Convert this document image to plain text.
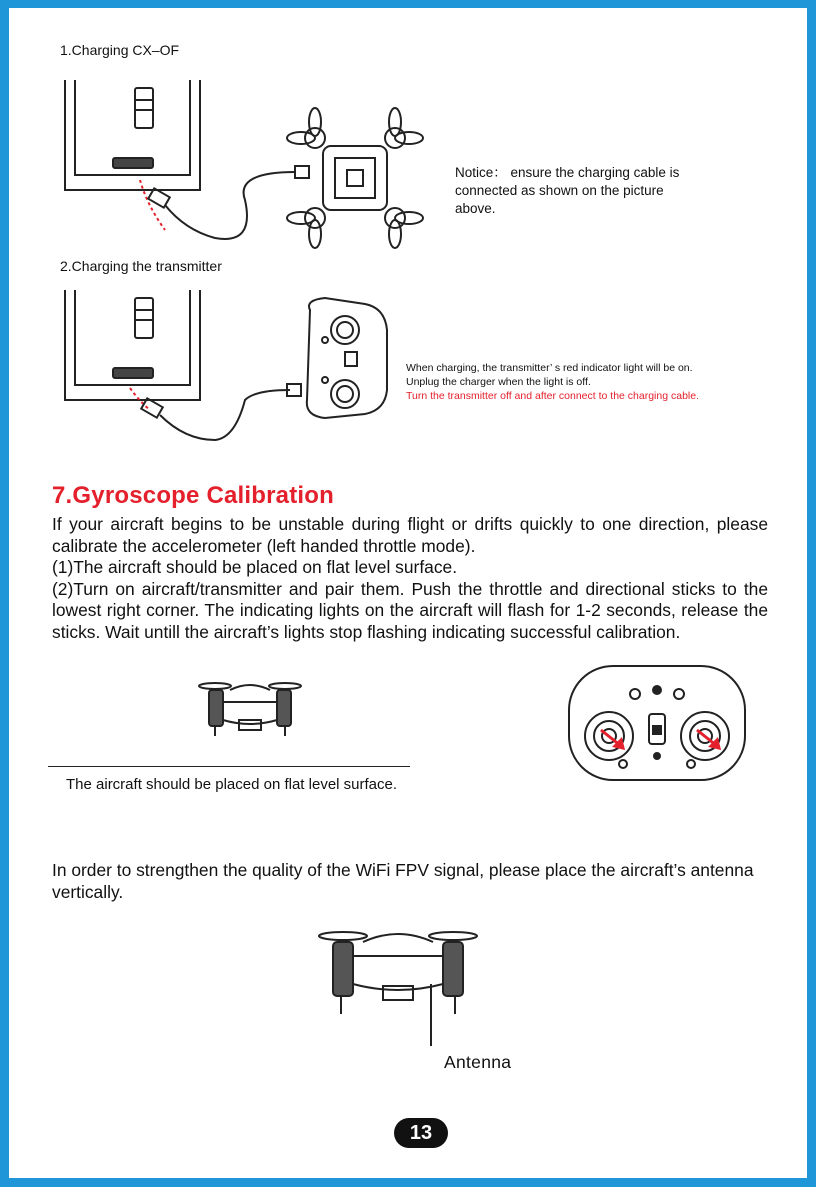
1.Charging CX–OF
Notice： ensure the charging cable is connected as shown on the picture above.
2.Charging the transmitter
When charging, the transmitter’ s red indicator light will be on.
Unplug the charger when the light is off.
Turn the transmitter off and after connect to the charging cable.
7.Gyroscope Calibration

If your aircraft begins to be unstable during flight or drifts quickly to one direction, please calibrate the accelerometer (left handed throttle mode).

(1)The aircraft should be placed on flat level surface.

(2)Turn on aircraft/transmitter and pair them. Push the throttle and directional sticks to the lowest right corner. The indicating lights on the aircraft will flash for 1-2 seconds, release the sticks. Wait untill the aircraft’s lights stop flashing indicating successful calibration.

The aircraft should be placed on flat level surface.
In order to strengthen the quality of the WiFi FPV signal, please place the aircraft’s antenna vertically.
Antenna
13
